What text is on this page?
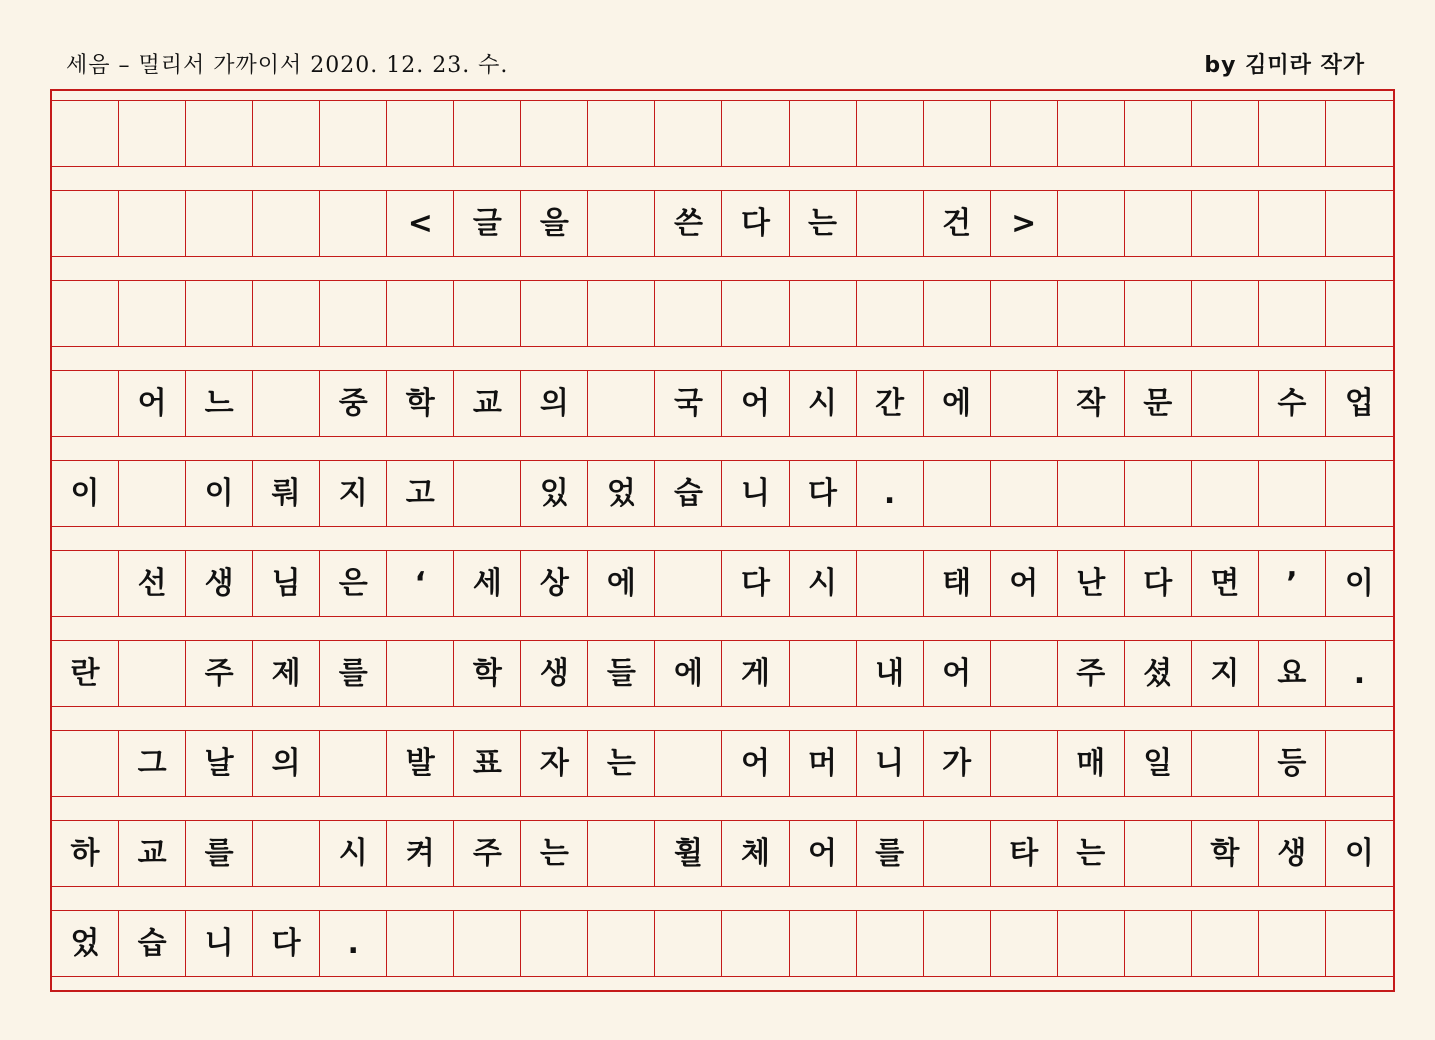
세음 – 멀리서 가까이서 2020. 12. 23. 수.	by 김미라 작가
<	글	을	쓴	다	는	건	>
어	느	중	학	교	의	국	어	시	간	에	작	문	수	업
이	이	뤄	지	고	있	었	습	니	다	.
선	생	님	은	‘	세	상	에	다	시	태	어	난	다	면	’	이
란	주	제	를	학	생	들	에	게	내	어	주	셨	지	요	.
그	날	의	발	표	자	는	어	머	니	가	매	일	등
하	교	를	시	켜	주	는	휠	체	어	를	타	는	학	생	이
었	습	니	다	.
